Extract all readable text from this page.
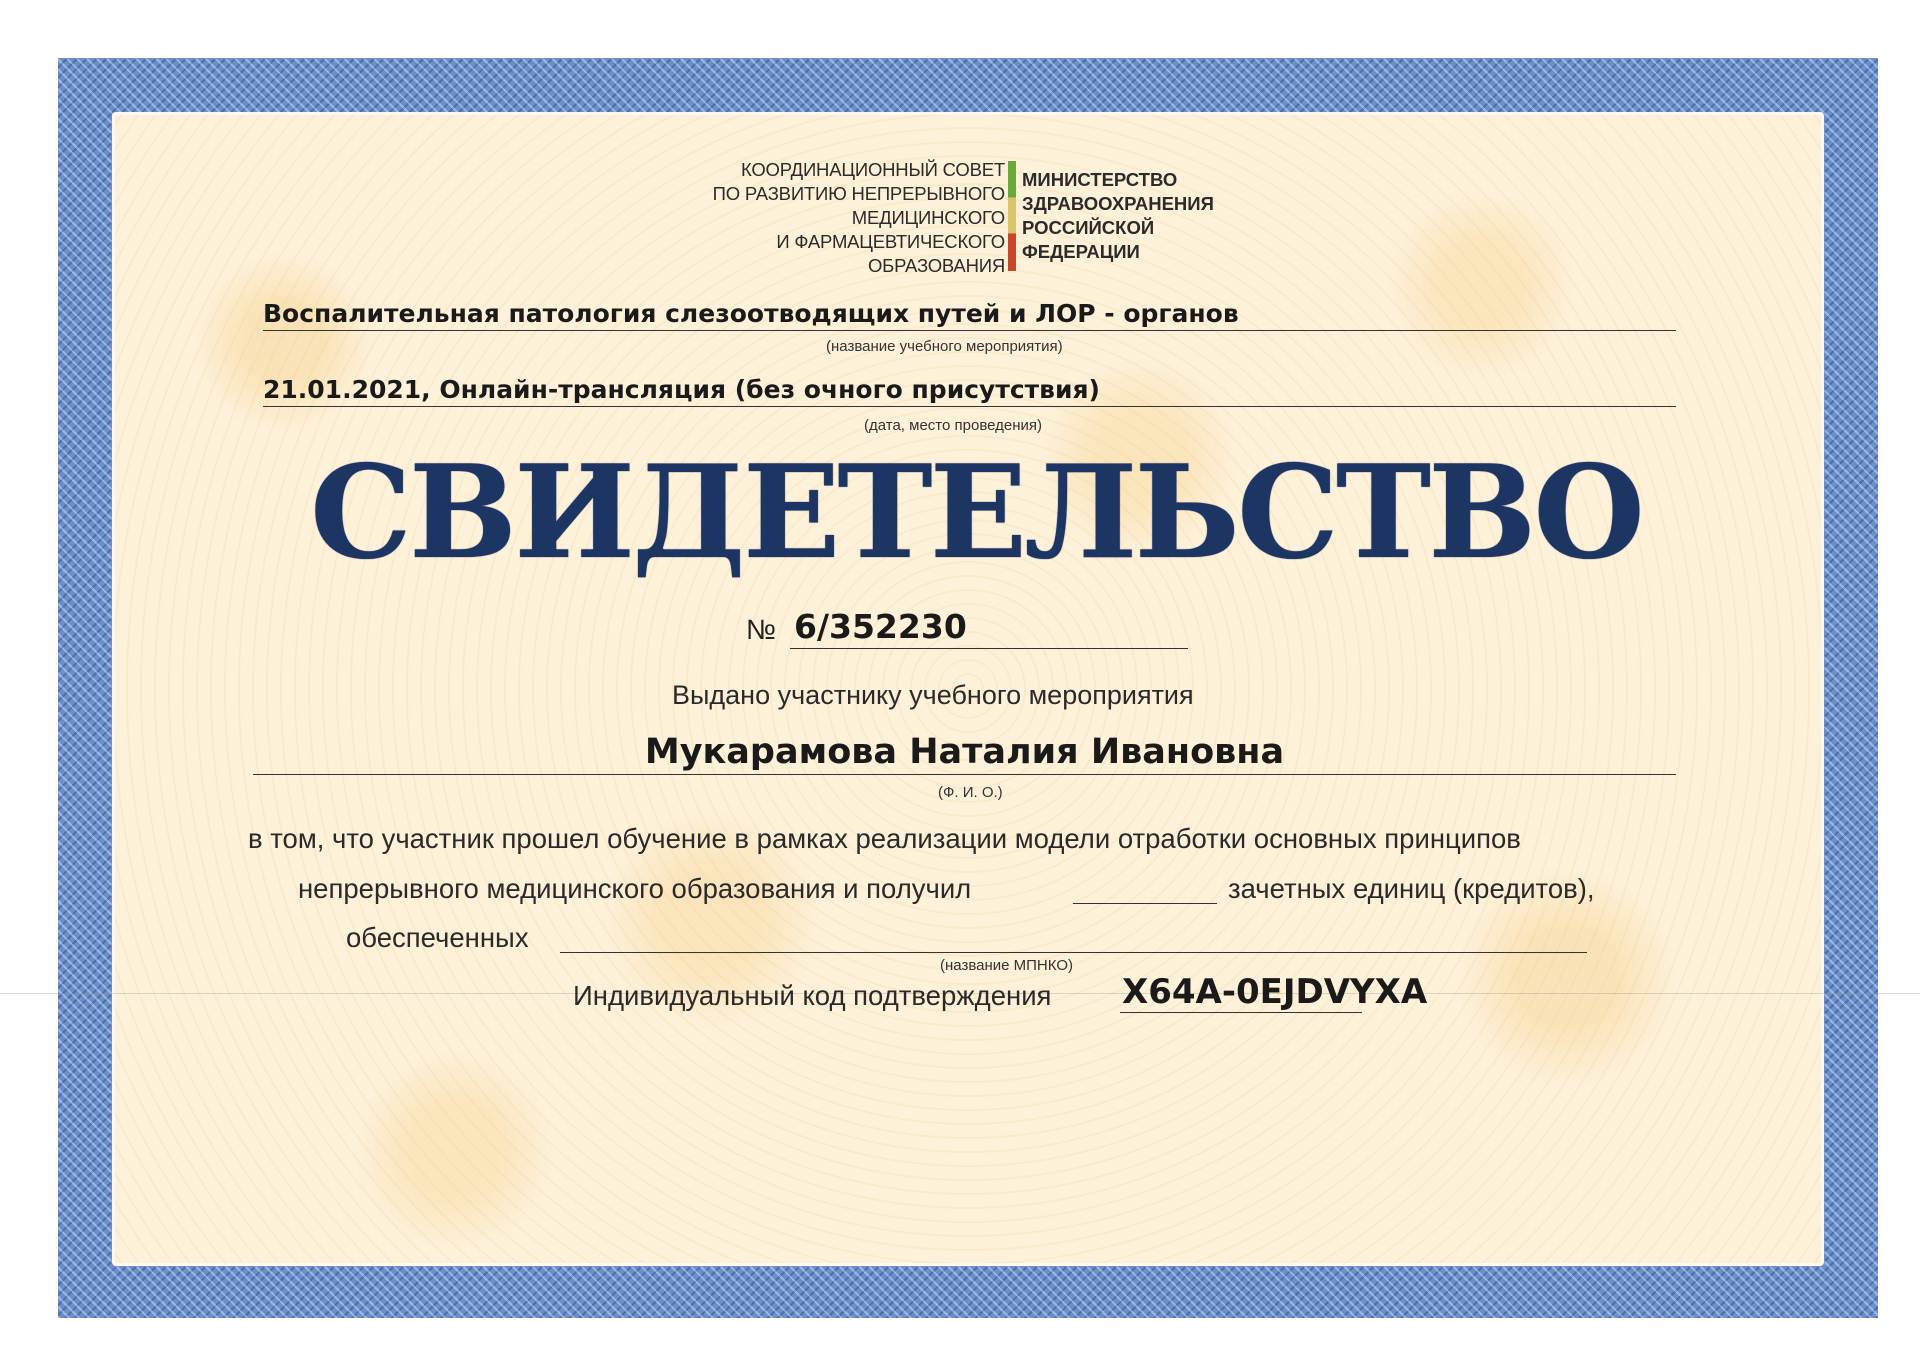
КООРДИНАЦИОННЫЙ СОВЕТ
ПО РАЗВИТИЮ НЕПРЕРЫВНОГО
МЕДИЦИНСКОГО
И ФАРМАЦЕВТИЧЕСКОГО
ОБРАЗОВАНИЯ
МИНИСТЕРСТВО
ЗДРАВООХРАНЕНИЯ
РОССИЙСКОЙ
ФЕДЕРАЦИИ
Воспалительная патология слезоотводящих путей и ЛОР - органов
(название учебного мероприятия)
21.01.2021, Онлайн-трансляция (без очного присутствия)
(дата, место проведения)
СВИДЕТЕЛЬСТВО
№ 6/352230
Выдано участнику учебного мероприятия
Мукарамова Наталия Ивановна
(Ф. И. О.)
в том, что участник прошел обучение в рамках реализации модели отработки основных принципов
непрерывного медицинского образования и получил	зачетных единиц (кредитов),
обеспеченных
(название МПНКО)
Индивидуальный код подтверждения X64A-0EJDVYXA
